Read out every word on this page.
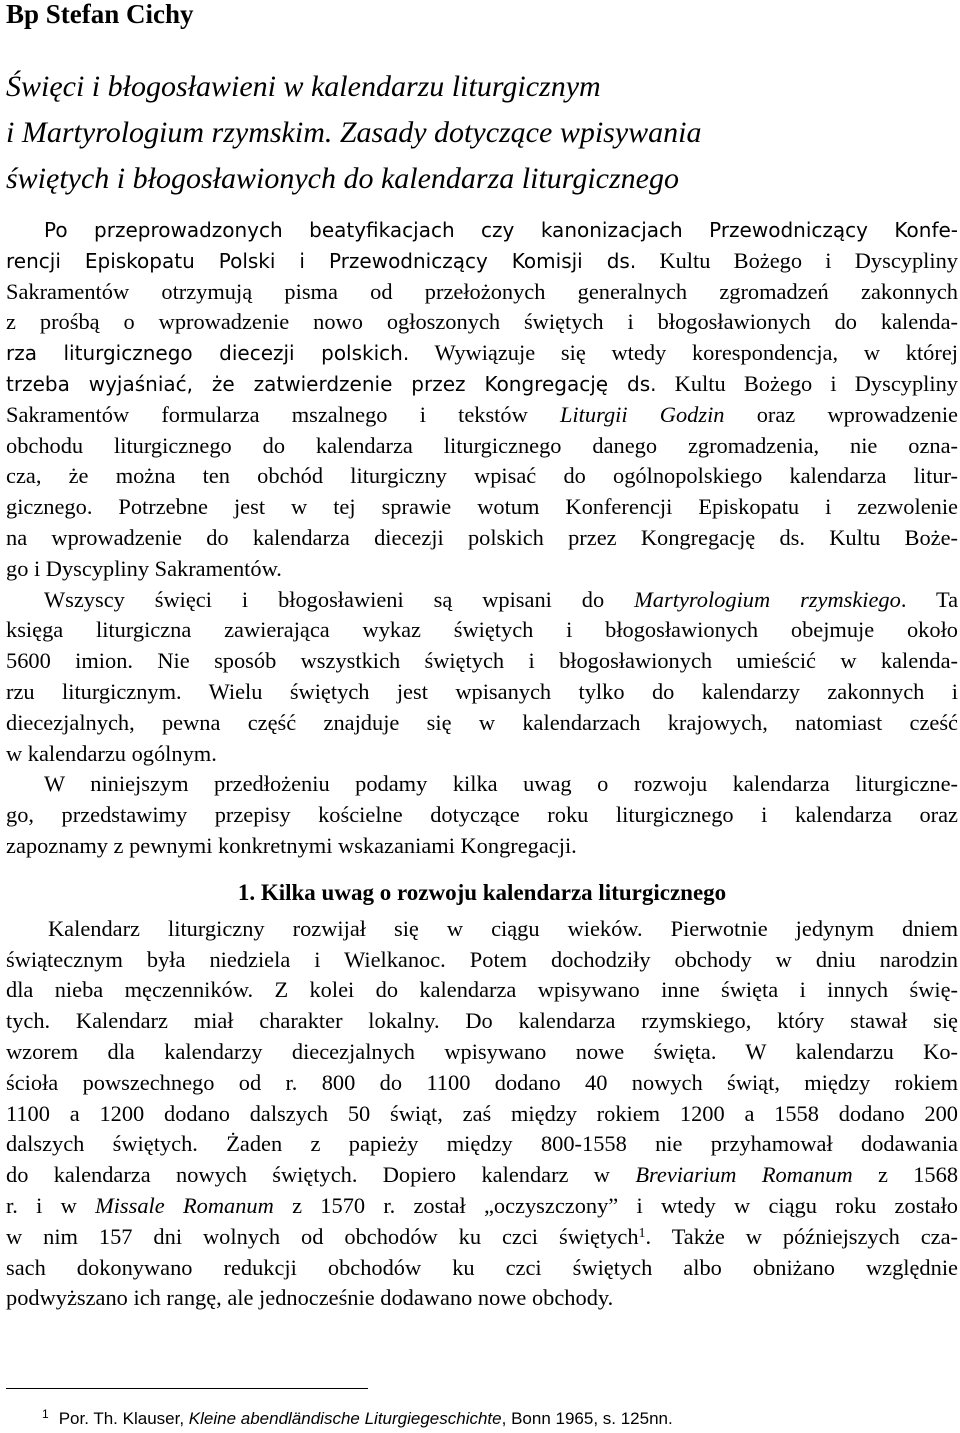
Bp Stefan Cichy
Święci i błogosławieni w kalendarzu liturgicznym
i Martyrologium rzymskim. Zasady dotyczące wpisywania
świętych i błogosławionych do kalendarza liturgicznego
Po przeprowadzonych beatyfikacjach czy kanonizacjach Przewodniczący Konfe-
rencji Episkopatu Polski i Przewodniczący Komisji ds. Kultu Bożego i Dyscypliny
Sakramentów otrzymują pisma od przełożonych generalnych zgromadzeń zakonnych
z prośbą o wprowadzenie nowo ogłoszonych świętych i błogosławionych do kalenda-
rza liturgicznego diecezji polskich. Wywiązuje się wtedy korespondencja, w której
trzeba wyjaśniać, że zatwierdzenie przez Kongregację ds. Kultu Bożego i Dyscypliny
Sakramentów formularza mszalnego i tekstów Liturgii Godzin oraz wprowadzenie
obchodu liturgicznego do kalendarza liturgicznego danego zgromadzenia, nie ozna-
cza, że można ten obchód liturgiczny wpisać do ogólnopolskiego kalendarza litur-
gicznego. Potrzebne jest w tej sprawie wotum Konferencji Episkopatu i zezwolenie
na wprowadzenie do kalendarza diecezji polskich przez Kongregację ds. Kultu Boże-
go i Dyscypliny Sakramentów.
Wszyscy święci i błogosławieni są wpisani do Martyrologium rzymskiego. Ta
księga liturgiczna zawierająca wykaz świętych i błogosławionych obejmuje około
5600 imion. Nie sposób wszystkich świętych i błogosławionych umieścić w kalenda-
rzu liturgicznym. Wielu świętych jest wpisanych tylko do kalendarzy zakonnych i
diecezjalnych, pewna część znajduje się w kalendarzach krajowych, natomiast cześć
w kalendarzu ogólnym.
W niniejszym przedłożeniu podamy kilka uwag o rozwoju kalendarza liturgiczne-
go, przedstawimy przepisy kościelne dotyczące roku liturgicznego i kalendarza oraz
zapoznamy z pewnymi konkretnymi wskazaniami Kongregacji.
1. Kilka uwag o rozwoju kalendarza liturgicznego
Kalendarz liturgiczny rozwijał się w ciągu wieków. Pierwotnie jedynym dniem
świątecznym była niedziela i Wielkanoc. Potem dochodziły obchody w dniu narodzin
dla nieba męczenników. Z kolei do kalendarza wpisywano inne święta i innych świę-
tych. Kalendarz miał charakter lokalny. Do kalendarza rzymskiego, który stawał się
wzorem dla kalendarzy diecezjalnych wpisywano nowe święta. W kalendarzu Ko-
ścioła powszechnego od r. 800 do 1100 dodano 40 nowych świąt, między rokiem
1100 a 1200 dodano dalszych 50 świąt, zaś między rokiem 1200 a 1558 dodano 200
dalszych świętych. Żaden z papieży między 800-1558 nie przyhamował dodawania
do kalendarza nowych świętych. Dopiero kalendarz w Breviarium Romanum z 1568
r. i w Missale Romanum z 1570 r. został „oczyszczony” i wtedy w ciągu roku zostało
w nim 157 dni wolnych od obchodów ku czci świętych$^1$. Także w późniejszych cza-
sach dokonywano redukcji obchodów ku czci świętych albo obniżano względnie
podwyższano ich rangę, ale jednocześnie dodawano nowe obchody.
$^1$ Por. Th. Klauser, Kleine abendländische Liturgiegeschichte, Bonn 1965, s. 125nn.
